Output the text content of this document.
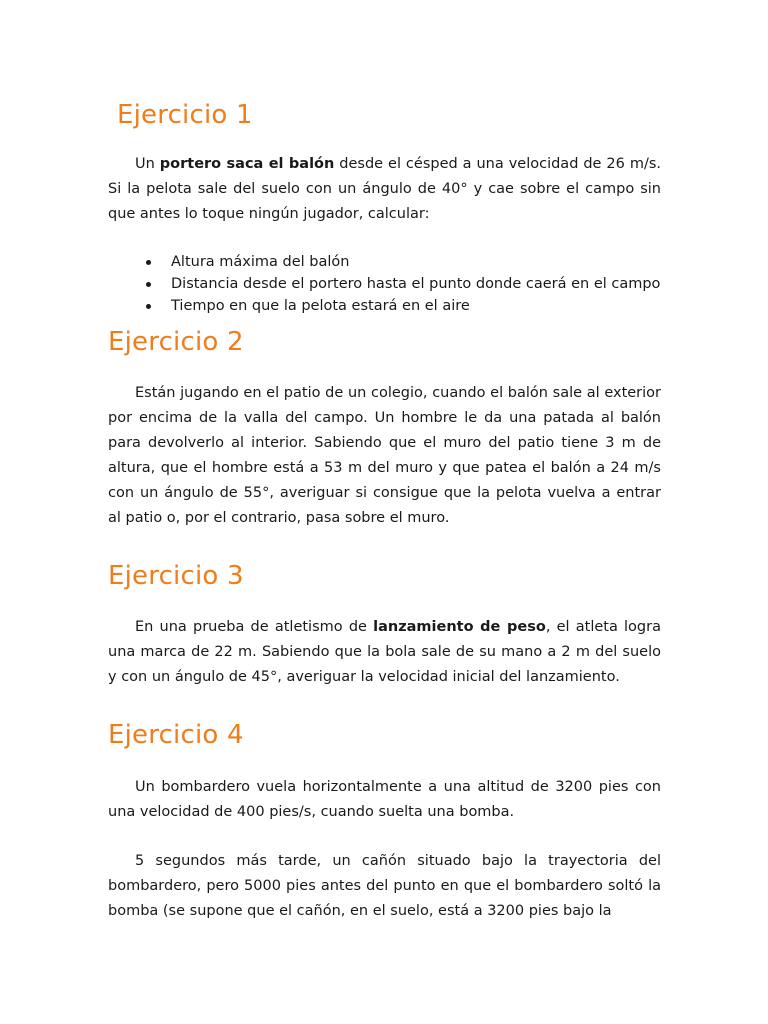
Ejercicio 1

Un portero saca el balón desde el césped a una velocidad de 26 m/s. Si la pelota sale del suelo con un ángulo de 40° y cae sobre el campo sin que antes lo toque ningún jugador, calcular:

Altura máxima del balón
Distancia desde el portero hasta el punto donde caerá en el campo
Tiempo en que la pelota estará en el aire
Ejercicio 2

Están jugando en el patio de un colegio, cuando el balón sale al exterior por encima de la valla del campo. Un hombre le da una patada al balón para devolverlo al interior. Sabiendo que el muro del patio tiene 3 m de altura, que el hombre está a 53 m del muro y que patea el balón a 24 m/s con un ángulo de 55°, averiguar si consigue que la pelota vuelva a entrar al patio o, por el contrario, pasa sobre el muro.

Ejercicio 3

En una prueba de atletismo de lanzamiento de peso, el atleta logra una marca de 22 m. Sabiendo que la bola sale de su mano a 2 m del suelo y con un ángulo de 45°, averiguar la velocidad inicial del lanzamiento.

Ejercicio 4

Un bombardero vuela horizontalmente a una altitud de 3200 pies con una velocidad de 400 pies/s, cuando suelta una bomba.

5 segundos más tarde, un cañón situado bajo la trayectoria del bombardero, pero 5000 pies antes del punto en que el bombardero soltó la bomba (se supone que el cañón, en el suelo, está a 3200 pies bajo la
